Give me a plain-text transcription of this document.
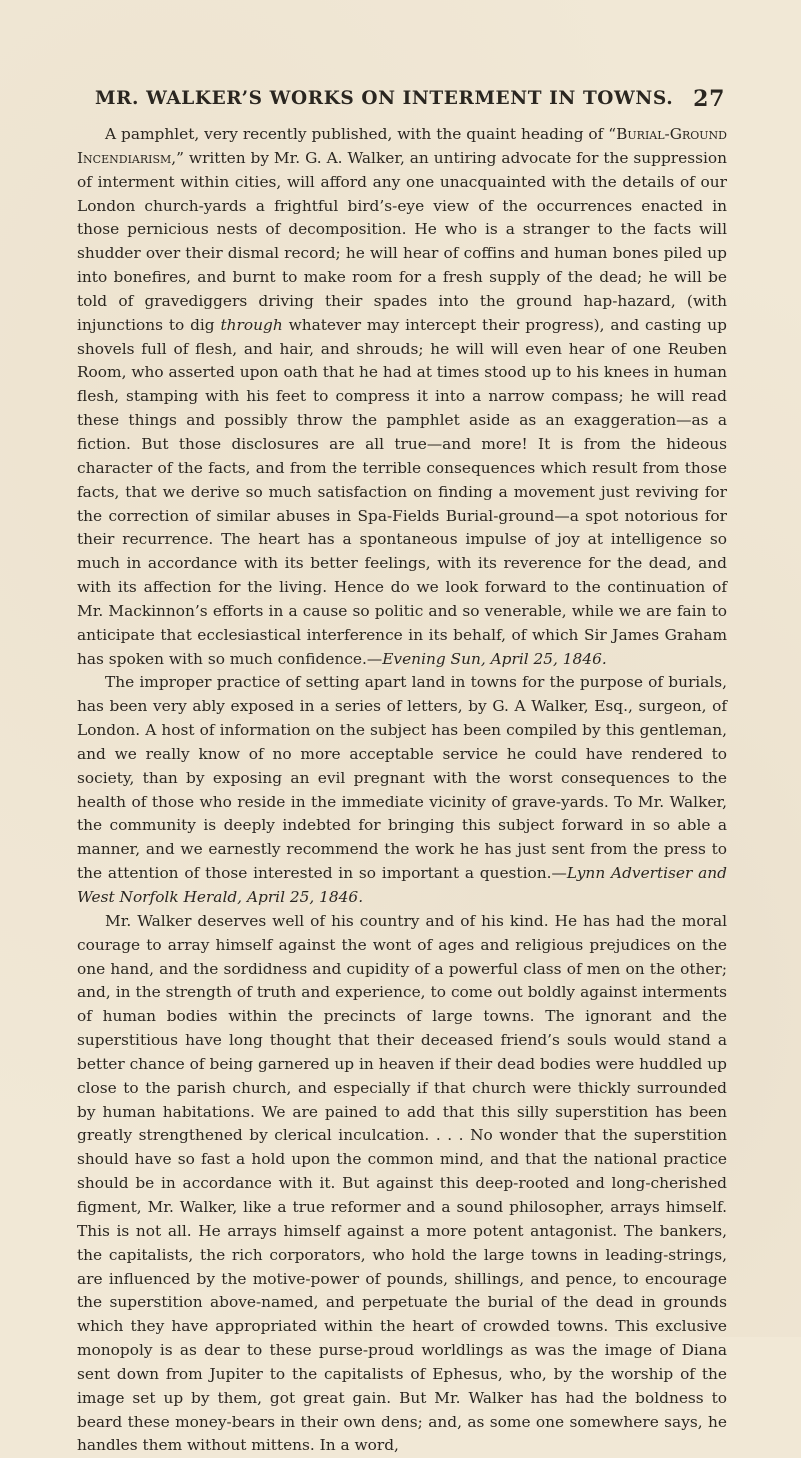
MR. WALKER’S WORKS ON INTERMENT IN TOWNS. 27

A pamphlet, very recently published, with the quaint heading of “Burial-Ground Incendiarism,” written by Mr. G. A. Walker, an untiring advocate for the suppression of interment within cities, will afford any one unacquainted with the details of our London church-yards a frightful bird’s-eye view of the occurrences enacted in those pernicious nests of decomposition. He who is a stranger to the facts will shudder over their dismal record; he will hear of coffins and human bones piled up into bonefires, and burnt to make room for a fresh supply of the dead; he will be told of gravediggers driving their spades into the ground hap-hazard, (with injunctions to dig through whatever may intercept their progress), and casting up shovels full of flesh, and hair, and shrouds; he will will even hear of one Reuben Room, who asserted upon oath that he had at times stood up to his knees in human flesh, stamping with his feet to compress it into a narrow compass; he will read these things and possibly throw the pamphlet aside as an exaggeration—as a fiction. But those disclosures are all true—and more! It is from the hideous character of the facts, and from the terrible consequences which result from those facts, that we derive so much satisfaction on finding a movement just reviving for the correction of similar abuses in Spa-Fields Burial-ground—a spot notorious for their recurrence. The heart has a spontaneous impulse of joy at intelligence so much in accordance with its better feelings, with its reverence for the dead, and with its affection for the living. Hence do we look forward to the continuation of Mr. Mackinnon’s efforts in a cause so politic and so venerable, while we are fain to anticipate that ecclesiastical interference in its behalf, of which Sir James Graham has spoken with so much confidence.—Evening Sun, April 25, 1846.

The improper practice of setting apart land in towns for the purpose of burials, has been very ably exposed in a series of letters, by G. A Walker, Esq., surgeon, of London. A host of information on the subject has been compiled by this gentleman, and we really know of no more acceptable service he could have rendered to society, than by exposing an evil pregnant with the worst consequences to the health of those who reside in the immediate vicinity of grave-yards. To Mr. Walker, the community is deeply indebted for bringing this subject forward in so able a manner, and we earnestly recommend the work he has just sent from the press to the attention of those interested in so important a question.—Lynn Advertiser and West Norfolk Herald, April 25, 1846.

Mr. Walker deserves well of his country and of his kind. He has had the moral courage to array himself against the wont of ages and religious prejudices on the one hand, and the sordidness and cupidity of a powerful class of men on the other; and, in the strength of truth and experience, to come out boldly against interments of human bodies within the precincts of large towns. The ignorant and the superstitious have long thought that their deceased friend’s souls would stand a better chance of being garnered up in heaven if their dead bodies were huddled up close to the parish church, and especially if that church were thickly surrounded by human habitations. We are pained to add that this silly superstition has been greatly strengthened by clerical inculcation. . . . No wonder that the superstition should have so fast a hold upon the common mind, and that the national practice should be in accordance with it. But against this deep-rooted and long-cherished figment, Mr. Walker, like a true reformer and a sound philosopher, arrays himself. This is not all. He arrays himself against a more potent antagonist. The bankers, the capitalists, the rich corporators, who hold the large towns in leading-strings, are influenced by the motive-power of pounds, shillings, and pence, to encourage the superstition above-named, and perpetuate the burial of the dead in grounds which they have appropriated within the heart of crowded towns. This exclusive monopoly is as dear to these purse-proud worldlings as was the image of Diana sent down from Jupiter to the capitalists of Ephesus, who, by the worship of the image set up by them, got great gain. But Mr. Walker has had the boldness to beard these money-bears in their own dens; and, as some one somewhere says, he handles them without mittens. In a word,
